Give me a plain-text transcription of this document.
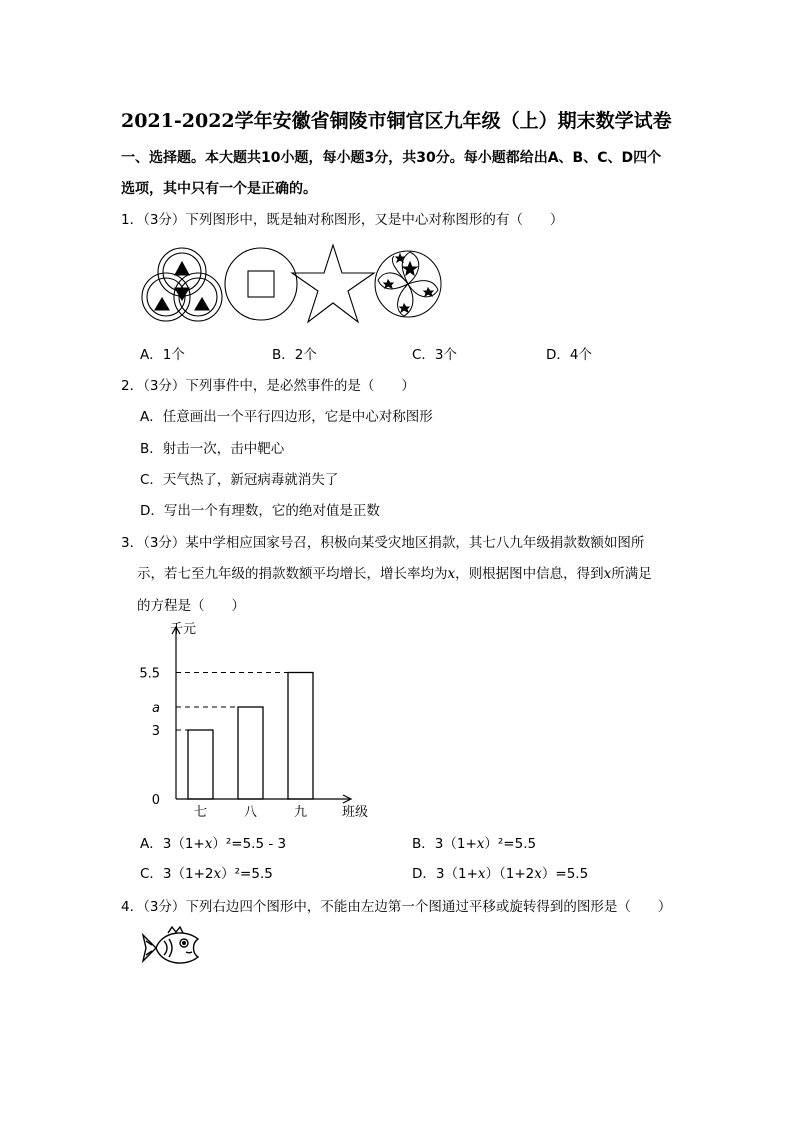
2021-2022学年安徽省铜陵市铜官区九年级（上）期末数学试卷
一、选择题。本大题共10小题，每小题3分，共30分。每小题都给出A、B、C、D四个
选项，其中只有一个是正确的。
1．（3分）下列图形中，既是轴对称图形，又是中心对称图形的有（　　）
A．1个	B．2个	C．3个	D．4个
2．（3分）下列事件中，是必然事件的是（　　）
A．任意画出一个平行四边形，它是中心对称图形
B．射击一次，击中靶心
C．天气热了，新冠病毒就消失了
D．写出一个有理数，它的绝对值是正数
3．（3分）某中学相应国家号召，积极向某受灾地区捐款，其七八九年级捐款数额如图所
示，若七至九年级的捐款数额平均增长，增长率均为x，则根据图中信息，得到x所满足
的方程是（　　）
千元
班级
0
3
a
5.5
七	八	九
A．3（1+x）²=5.5 - 3	B．3（1+x）²=5.5
C．3（1+2x）²=5.5	D．3（1+x）（1+2x）=5.5
4．（3分）下列右边四个图形中，不能由左边第一个图通过平移或旋转得到的图形是（　　）
